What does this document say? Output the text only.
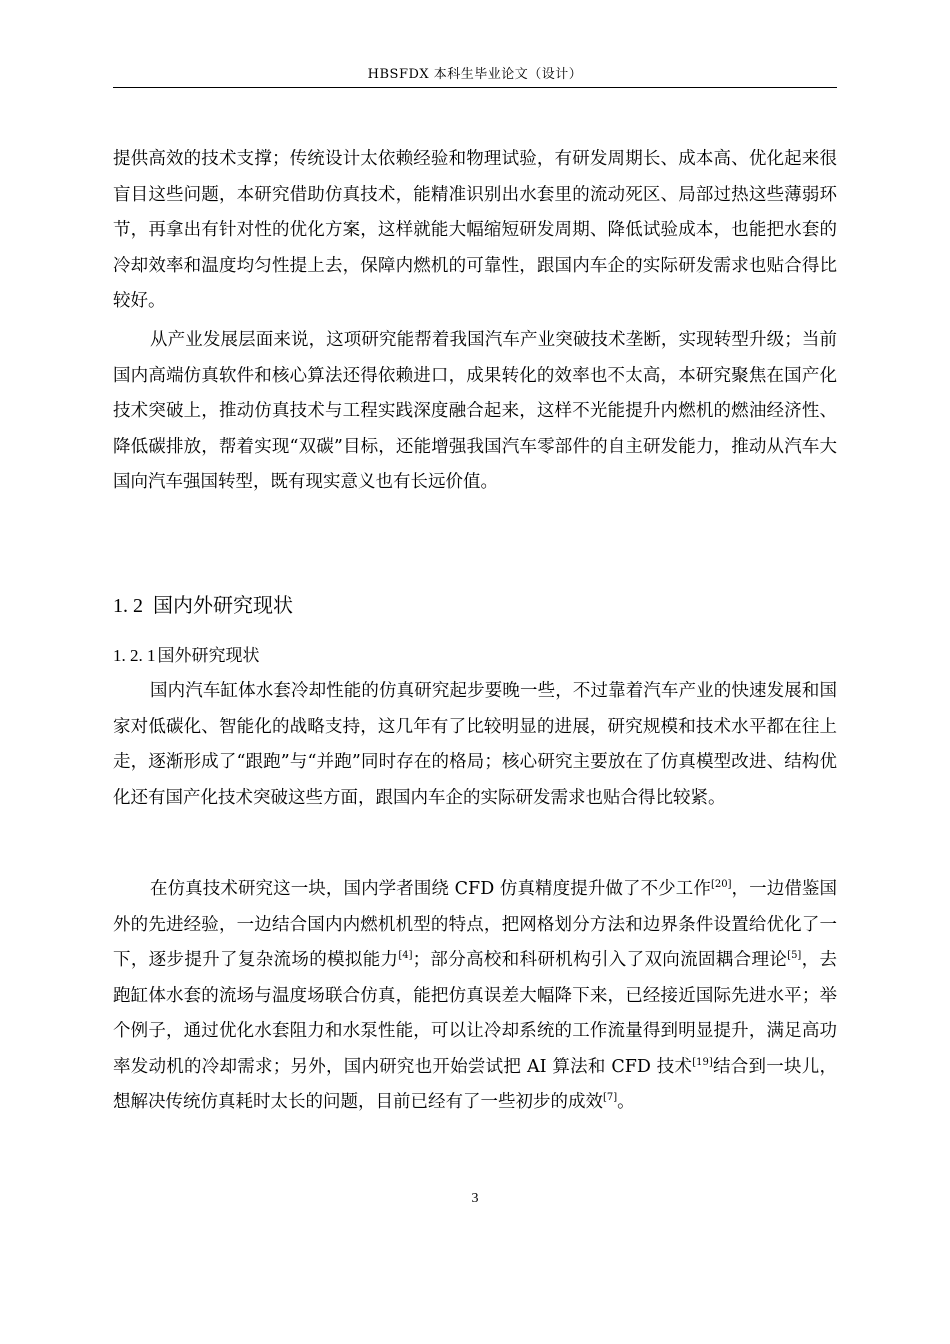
HBSFDX 本科生毕业论文（设计）

提供高效的技术支撑；传统设计太依赖经验和物理试验，有研发周期长、成本高、优化起来很盲目这些问题，本研究借助仿真技术，能精准识别出水套里的流动死区、局部过热这些薄弱环节，再拿出有针对性的优化方案，这样就能大幅缩短研发周期、降低试验成本，也能把水套的冷却效率和温度均匀性提上去，保障内燃机的可靠性，跟国内车企的实际研发需求也贴合得比较好。

从产业发展层面来说，这项研究能帮着我国汽车产业突破技术垄断，实现转型升级；当前国内高端仿真软件和核心算法还得依赖进口，成果转化的效率也不太高，本研究聚焦在国产化技术突破上，推动仿真技术与工程实践深度融合起来，这样不光能提升内燃机的燃油经济性、降低碳排放，帮着实现“双碳”目标，还能增强我国汽车零部件的自主研发能力，推动从汽车大国向汽车强国转型，既有现实意义也有长远价值。

1. 2 国内外研究现状
1. 2. 1 国外研究现状

国内汽车缸体水套冷却性能的仿真研究起步要晚一些，不过靠着汽车产业的快速发展和国家对低碳化、智能化的战略支持，这几年有了比较明显的进展，研究规模和技术水平都在往上走，逐渐形成了“跟跑”与“并跑”同时存在的格局；核心研究主要放在了仿真模型改进、结构优化还有国产化技术突破这些方面，跟国内车企的实际研发需求也贴合得比较紧。

在仿真技术研究这一块，国内学者围绕 CFD 仿真精度提升做了不少工作[20]，一边借鉴国外的先进经验，一边结合国内内燃机机型的特点，把网格划分方法和边界条件设置给优化了一下，逐步提升了复杂流场的模拟能力[4]；部分高校和科研机构引入了双向流固耦合理论[5]，去跑缸体水套的流场与温度场联合仿真，能把仿真误差大幅降下来，已经接近国际先进水平；举个例子，通过优化水套阻力和水泵性能，可以让冷却系统的工作流量得到明显提升，满足高功率发动机的冷却需求；另外，国内研究也开始尝试把 AI 算法和 CFD 技术[19]结合到一块儿，想解决传统仿真耗时太长的问题，目前已经有了一些初步的成效[7]。

3
